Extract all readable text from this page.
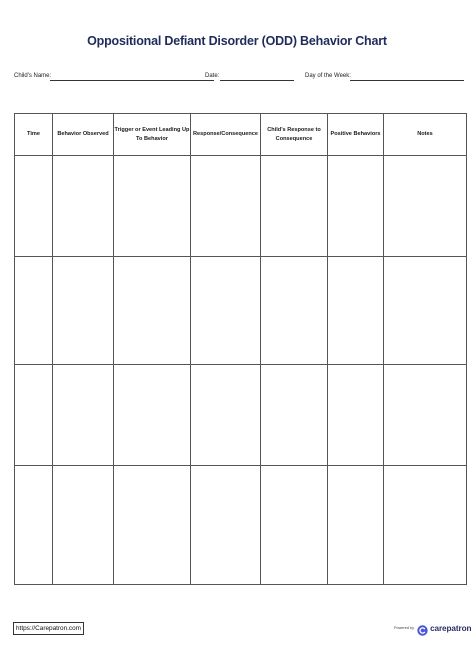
Oppositional Defiant Disorder (ODD) Behavior Chart
Child's Name:	Date:	Day of the Week:
Time	Behavior Observed	Trigger or Event Leading Up To Behavior	Response/Consequence	Child's Response to Consequence	Positive Behaviors	Notes

https://Carepatron.com	Powered by carepatron
